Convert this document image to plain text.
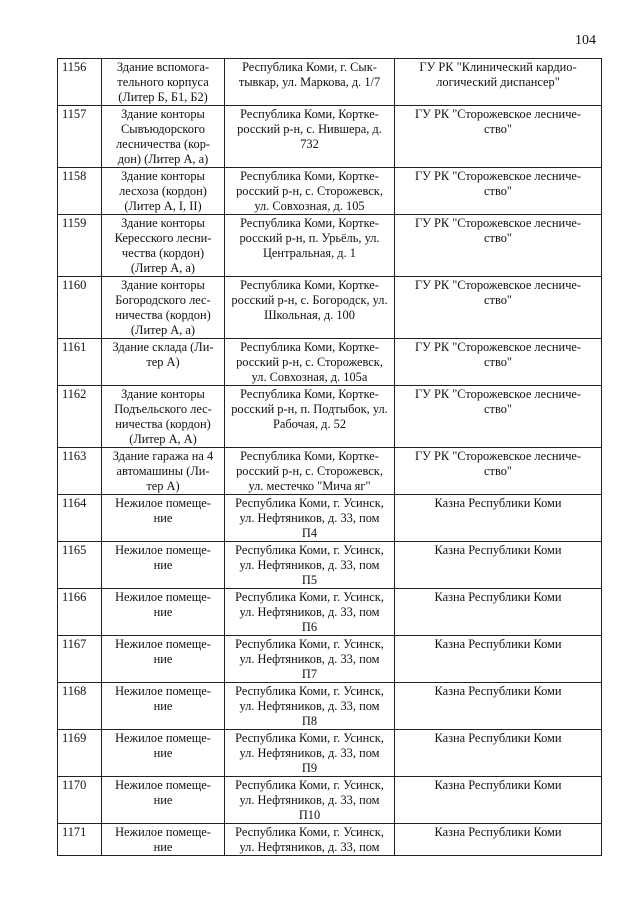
104
1156	Здание вспомога-
тельного корпуса
(Литер Б, Б1, Б2)	Республика Коми, г. Сык-
тывкар, ул. Маркова, д. 1/7	ГУ РК "Клинический кардио-
логический диспансер"

1157	Здание конторы
Сывъюдорского
лесничества (кор-
дон) (Литер А, а)	Республика Коми, Кортке-
росский р-н, с. Нившера, д.
732	ГУ РК "Сторожевское лесниче-
ство"

1158	Здание конторы
лесхоза (кордон)
(Литер А, I, II)	Республика Коми, Кортке-
росский р-н, с. Сторожевск,
ул. Совхозная, д. 105	ГУ РК "Сторожевское лесниче-
ство"

1159	Здание конторы
Кересского лесни-
чества (кордон)
(Литер А, а)	Республика Коми, Кортке-
росский р-н, п. Урьёль, ул.
Центральная, д. 1	ГУ РК "Сторожевское лесниче-
ство"

1160	Здание конторы
Богородского лес-
ничества (кордон)
(Литер А, а)	Республика Коми, Кортке-
росский р-н, с. Богородск, ул.
Школьная, д. 100	ГУ РК "Сторожевское лесниче-
ство"

1161	Здание склада (Ли-
тер А)	Республика Коми, Кортке-
росский р-н, с. Сторожевск,
ул. Совхозная, д. 105а	ГУ РК "Сторожевское лесниче-
ство"

1162	Здание конторы
Подъельского лес-
ничества (кордон)
(Литер А, А)	Республика Коми, Кортке-
росский р-н, п. Подтыбок, ул.
Рабочая, д. 52	ГУ РК "Сторожевское лесниче-
ство"

1163	Здание гаража на 4
автомашины (Ли-
тер А)	Республика Коми, Кортке-
росский р-н, с. Сторожевск,
ул. местечко "Мича яг"	ГУ РК "Сторожевское лесниче-
ство"

1164	Нежилое помеще-
ние	Республика Коми, г. Усинск,
ул. Нефтяников, д. 33, пом
П4	Казна Республики Коми

1165	Нежилое помеще-
ние	Республика Коми, г. Усинск,
ул. Нефтяников, д. 33, пом
П5	Казна Республики Коми

1166	Нежилое помеще-
ние	Республика Коми, г. Усинск,
ул. Нефтяников, д. 33, пом
П6	Казна Республики Коми

1167	Нежилое помеще-
ние	Республика Коми, г. Усинск,
ул. Нефтяников, д. 33, пом
П7	Казна Республики Коми

1168	Нежилое помеще-
ние	Республика Коми, г. Усинск,
ул. Нефтяников, д. 33, пом
П8	Казна Республики Коми

1169	Нежилое помеще-
ние	Республика Коми, г. Усинск,
ул. Нефтяников, д. 33, пом
П9	Казна Республики Коми

1170	Нежилое помеще-
ние	Республика Коми, г. Усинск,
ул. Нефтяников, д. 33, пом
П10	Казна Республики Коми

1171	Нежилое помеще-
ние	Республика Коми, г. Усинск,
ул. Нефтяников, д. 33, пом	Казна Республики Коми
